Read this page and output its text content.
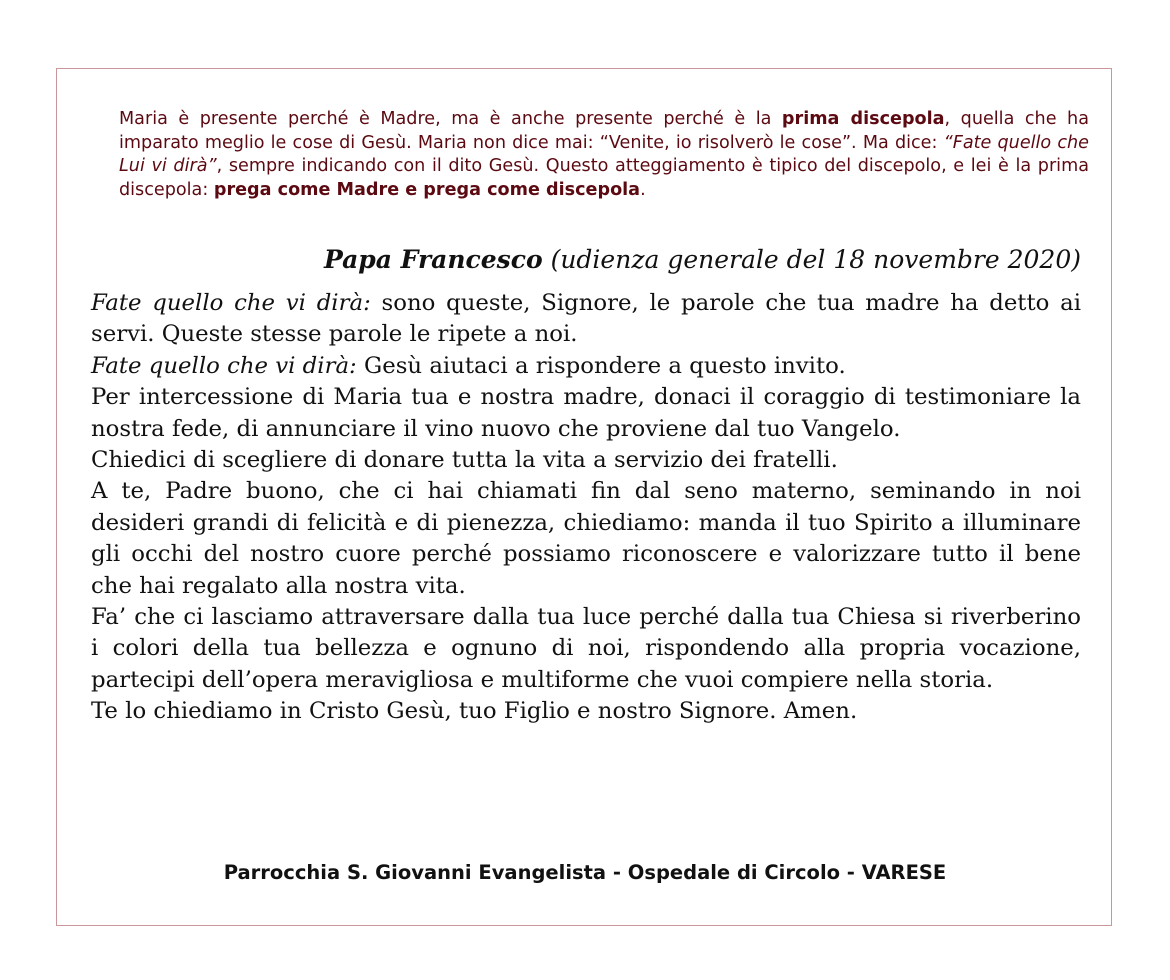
Maria è presente perché è Madre, ma è anche presente perché è la prima discepola, quella che ha imparato meglio le cose di Gesù. Maria non dice mai: “Venite, io risolverò le cose”. Ma dice: “Fate quello che Lui vi dirà”, sempre indicando con il dito Gesù. Questo atteggiamento è tipico del discepolo, e lei è la prima discepola: prega come Madre e prega come discepola.

Papa Francesco (udienza generale del 18 novembre 2020)

Fate quello che vi dirà: sono queste, Signore, le parole che tua madre ha detto ai servi. Queste stesse parole le ripete a noi.

Fate quello che vi dirà: Gesù aiutaci a rispondere a questo invito.

Per intercessione di Maria tua e nostra madre, donaci il coraggio di testimoniare la nostra fede, di annunciare il vino nuovo che proviene dal tuo Vangelo.

Chiedici di scegliere di donare tutta la vita a servizio dei fratelli.

A te, Padre buono, che ci hai chiamati fin dal seno materno, seminando in noi desideri grandi di felicità e di pienezza, chiediamo: manda il tuo Spirito a illuminare gli occhi del nostro cuore perché possiamo riconoscere e valorizzare tutto il bene che hai regalato alla nostra vita.

Fa’ che ci lasciamo attraversare dalla tua luce perché dalla tua Chiesa si riverberino i colori della tua bellezza e ognuno di noi, rispondendo alla propria vocazione, partecipi dell’opera meravigliosa e multiforme che vuoi compiere nella storia.

Te lo chiediamo in Cristo Gesù, tuo Figlio e nostro Signore. Amen.

Parrocchia S. Giovanni Evangelista - Ospedale di Circolo - VARESE
